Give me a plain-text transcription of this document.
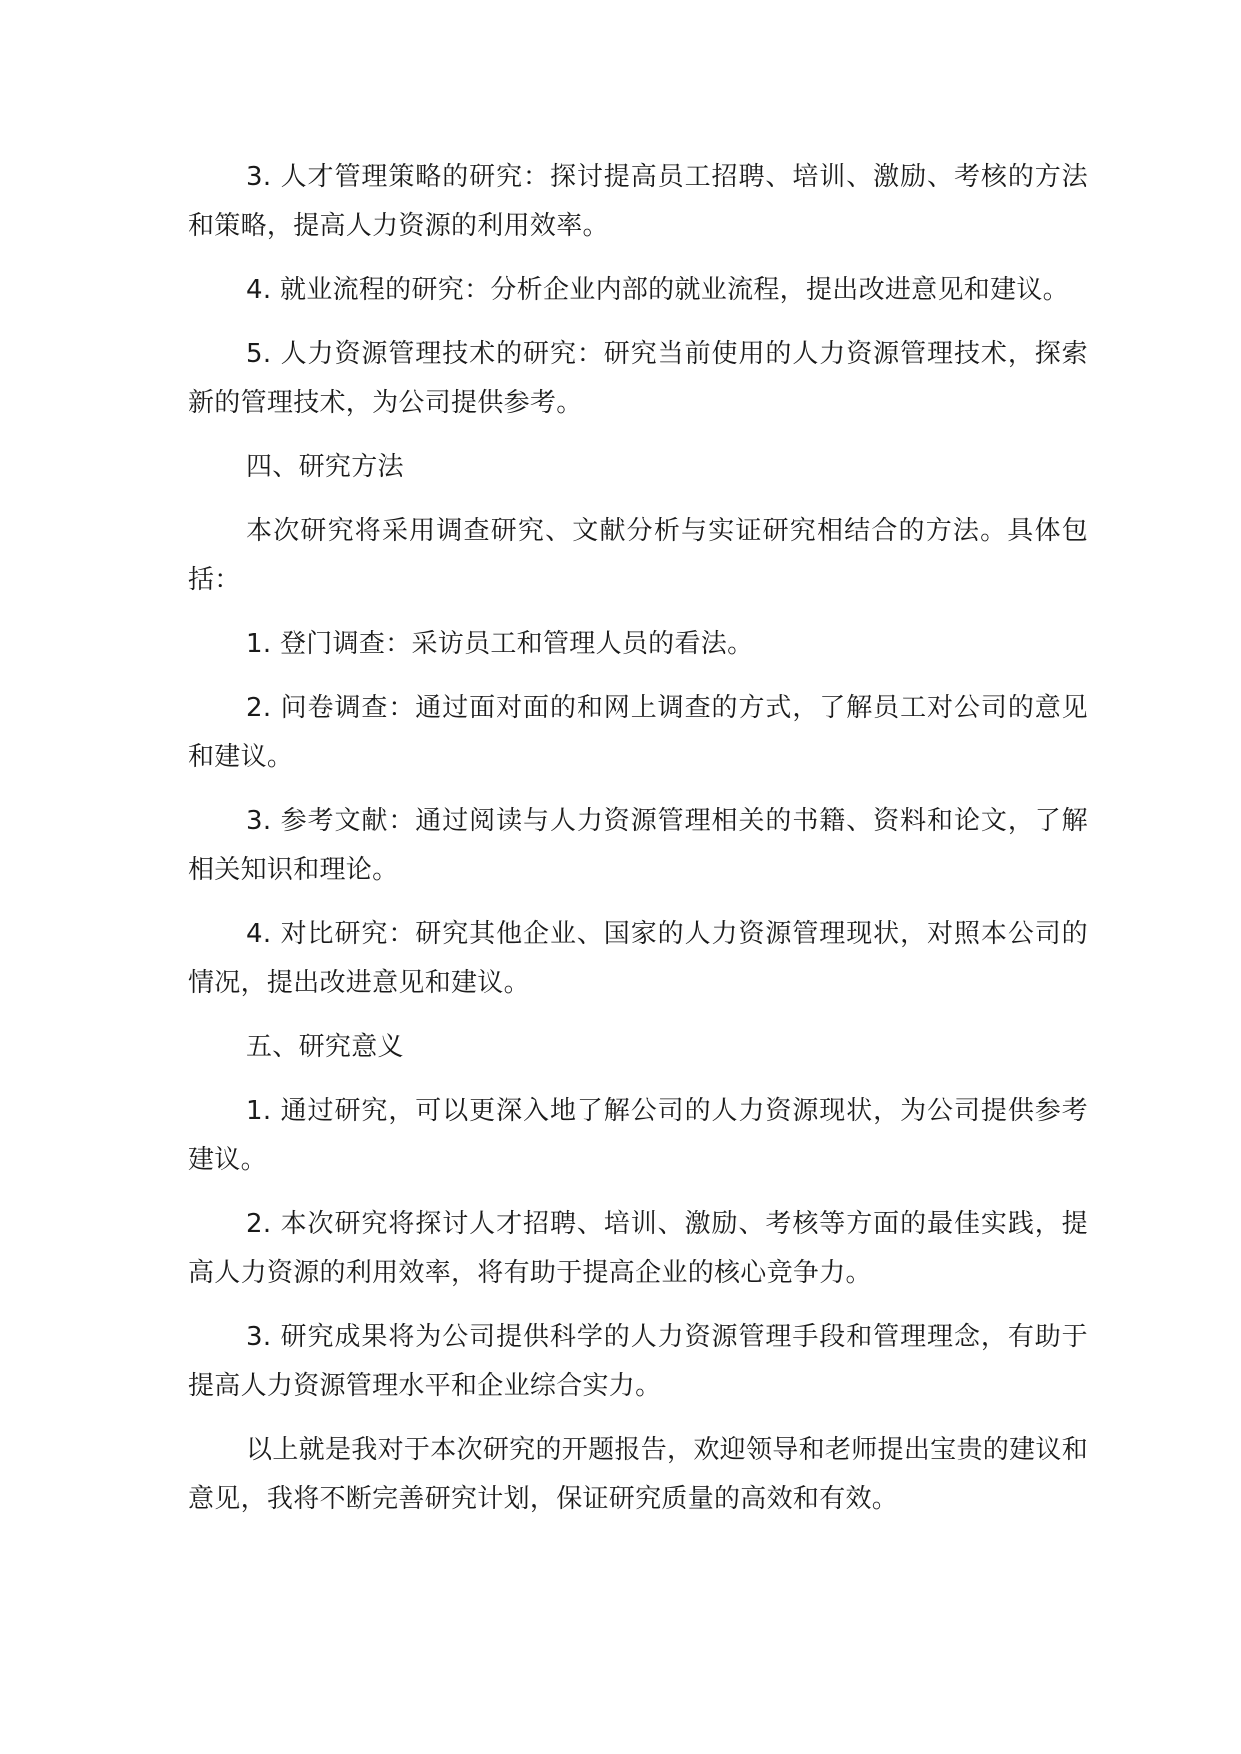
3. 人才管理策略的研究：探讨提高员工招聘、培训、激励、考核的方法和策略，提高人力资源的利用效率。

4. 就业流程的研究：分析企业内部的就业流程，提出改进意见和建议。

5. 人力资源管理技术的研究：研究当前使用的人力资源管理技术，探索新的管理技术，为公司提供参考。

四、研究方法

本次研究将采用调查研究、文献分析与实证研究相结合的方法。具体包括：

1. 登门调查：采访员工和管理人员的看法。

2. 问卷调查：通过面对面的和网上调查的方式，了解员工对公司的意见和建议。

3. 参考文献：通过阅读与人力资源管理相关的书籍、资料和论文，了解相关知识和理论。

4. 对比研究：研究其他企业、国家的人力资源管理现状，对照本公司的情况，提出改进意见和建议。

五、研究意义

1. 通过研究，可以更深入地了解公司的人力资源现状，为公司提供参考建议。

2. 本次研究将探讨人才招聘、培训、激励、考核等方面的最佳实践，提高人力资源的利用效率，将有助于提高企业的核心竞争力。

3. 研究成果将为公司提供科学的人力资源管理手段和管理理念，有助于提高人力资源管理水平和企业综合实力。

以上就是我对于本次研究的开题报告，欢迎领导和老师提出宝贵的建议和意见，我将不断完善研究计划，保证研究质量的高效和有效。
